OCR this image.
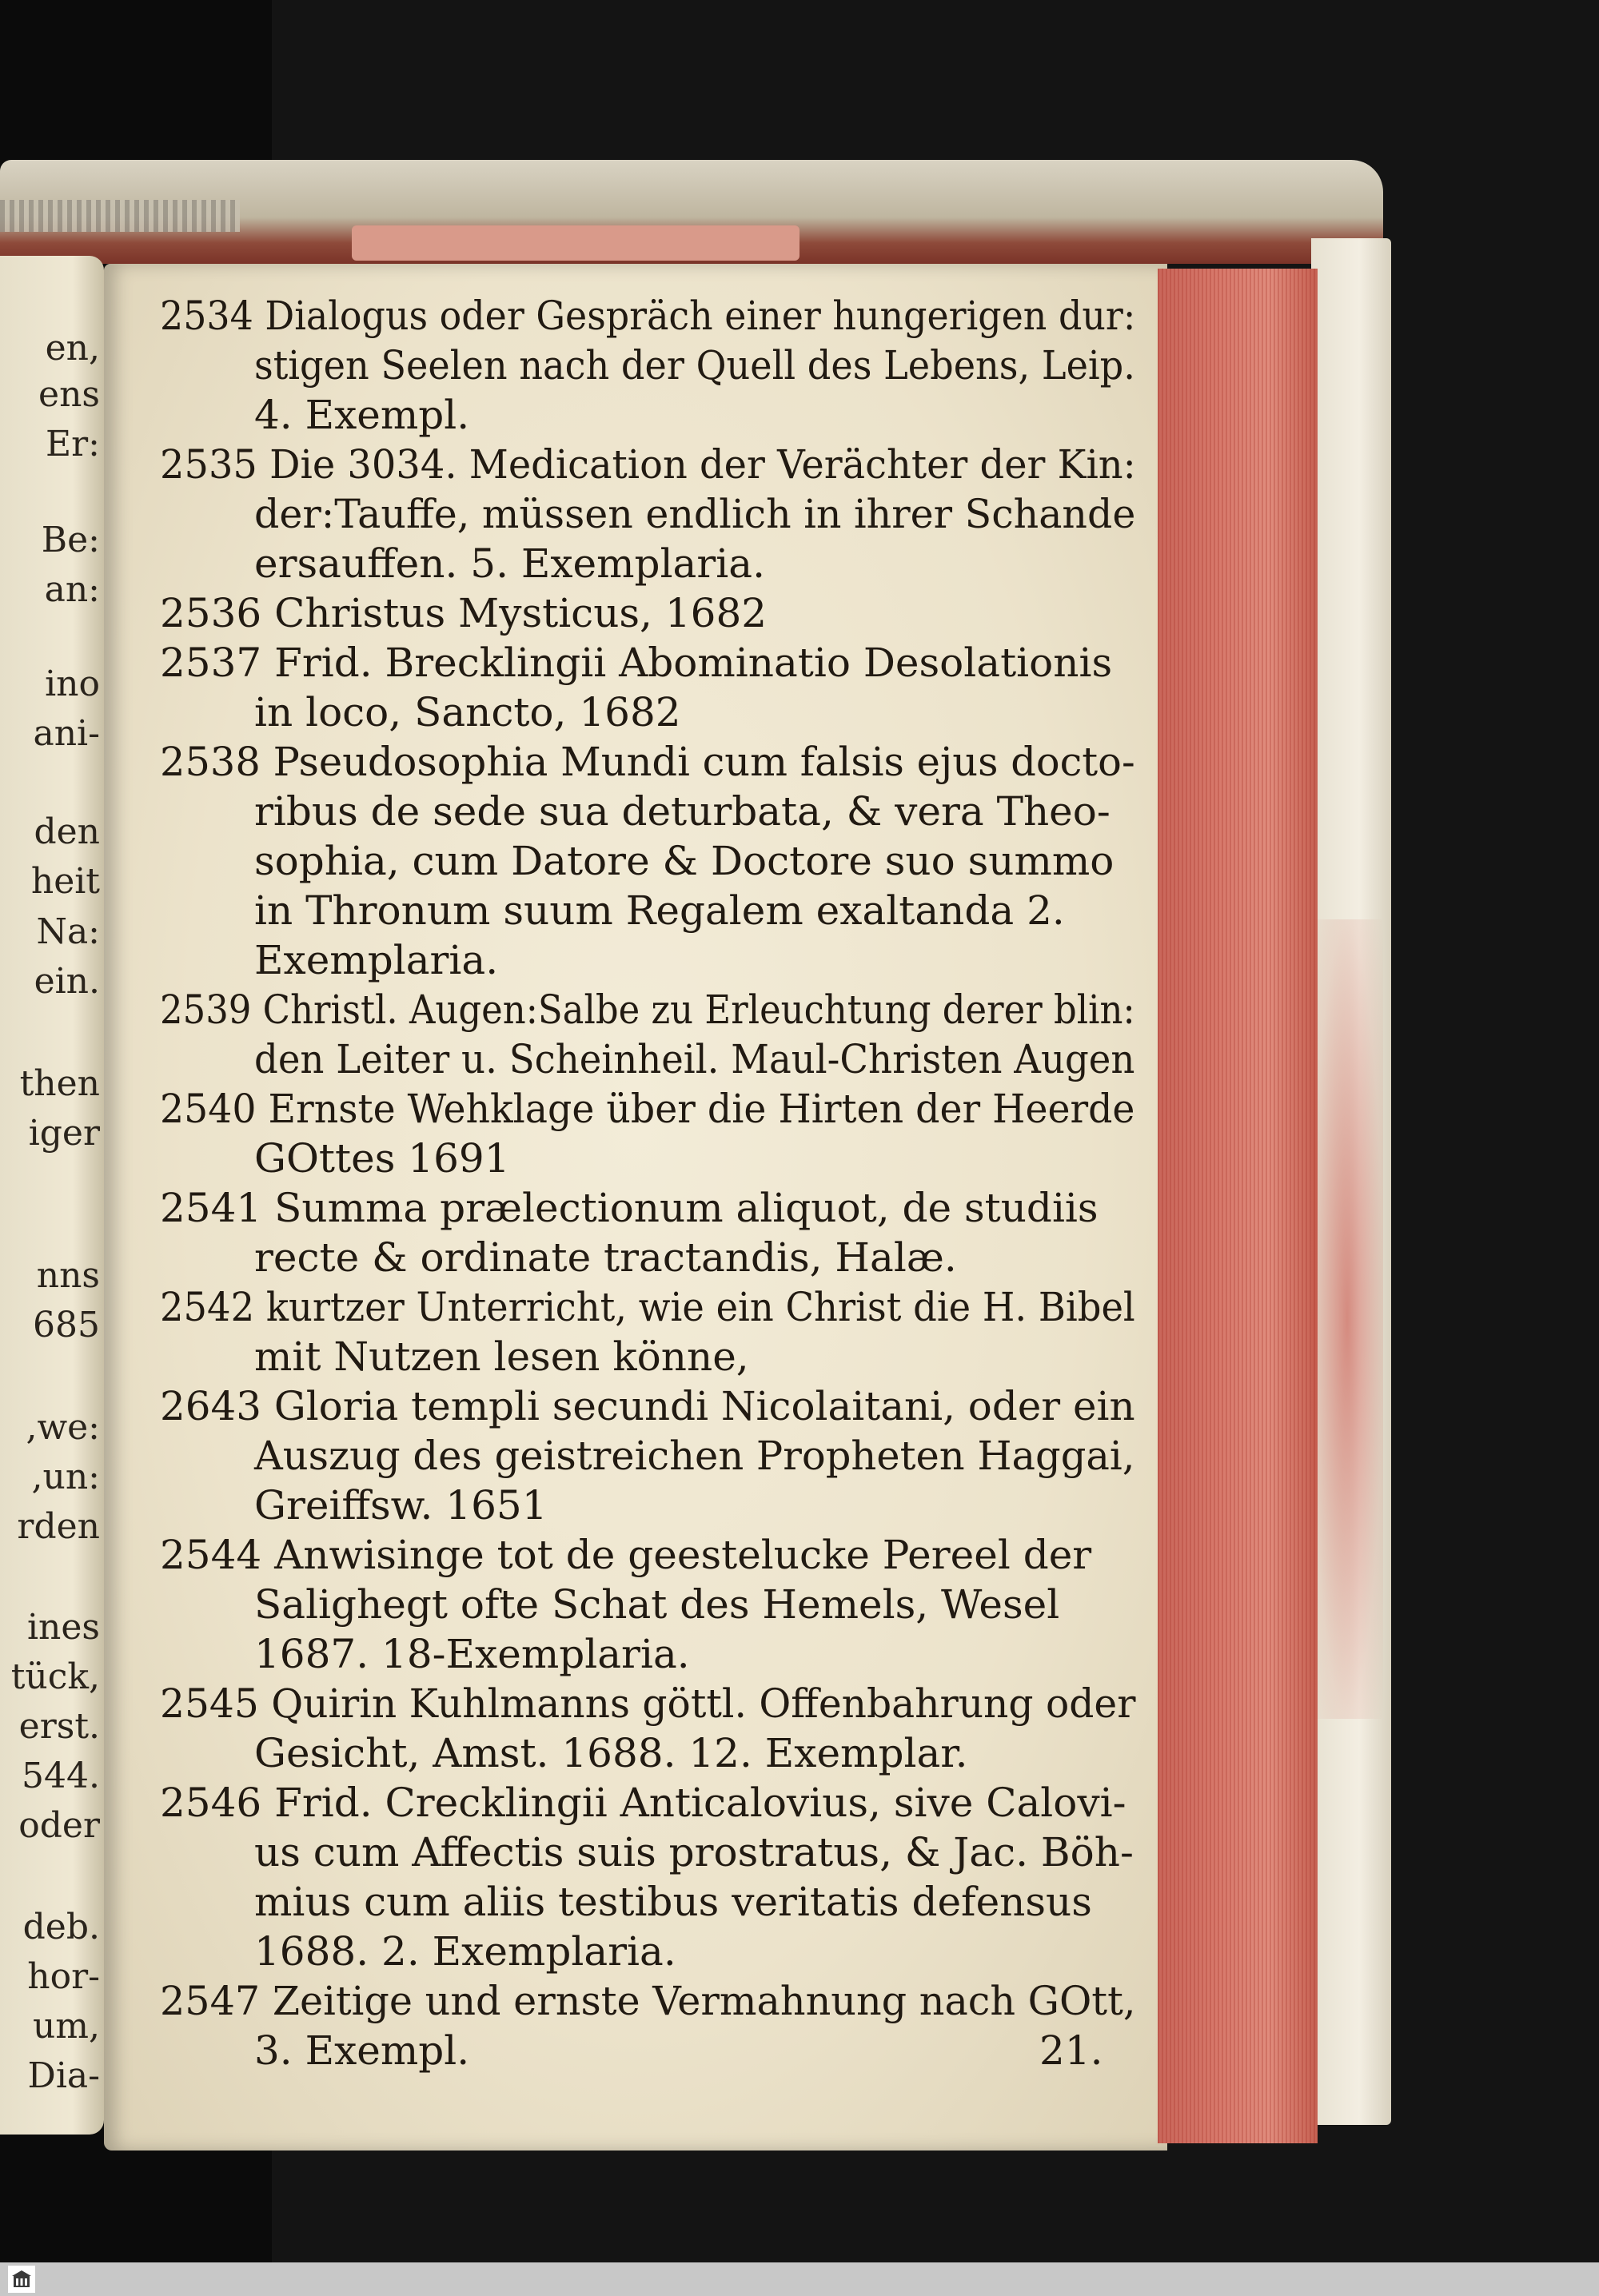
en,
ens
Er:
Be:
an:
ino
ani-
den
heit
Na:
ein.
then
iger
nns
685
,we:
,un:
rden
ines
tück,
erst.
544.
oder
deb.
hor-
um,
Dia-
2534 Dialogus oder Gespräch einer hungerigen dur:
stigen Seelen nach der Quell des Lebens, Leip.
4. Exempl.
2535 Die 3034. Medication der Verächter der Kin:
der:Tauffe, müssen endlich in ihrer Schande
ersauffen. 5. Exemplaria.
2536 Christus Mysticus, 1682
2537 Frid. Brecklingii Abominatio Desolationis
in loco, Sancto, 1682
2538 Pseudosophia Mundi cum falsis ejus docto-
ribus de sede sua deturbata, & vera Theo-
sophia, cum Datore & Doctore suo summo
in Thronum suum Regalem exaltanda 2.
Exemplaria.
2539 Christl. Augen:Salbe zu Erleuchtung derer blin:
den Leiter u. Scheinheil. Maul-Christen Augen
2540 Ernste Wehklage über die Hirten der Heerde
GOttes 1691
2541 Summa prælectionum aliquot, de studiis
recte & ordinate tractandis, Halæ.
2542 kurtzer Unterricht, wie ein Christ die H. Bibel
mit Nutzen lesen könne,
2643 Gloria templi secundi Nicolaitani, oder ein
Auszug des geistreichen Propheten Haggai,
Greiffsw. 1651
2544 Anwisinge tot de geestelucke Pereel der
Salighegt ofte Schat des Hemels, Wesel
1687. 18-Exemplaria.
2545 Quirin Kuhlmanns göttl. Offenbahrung oder
Gesicht, Amst. 1688. 12. Exemplar.
2546 Frid. Crecklingii Anticalovius, sive Calovi-
us cum Affectis suis prostratus, & Jac. Böh-
mius cum aliis testibus veritatis defensus
1688. 2. Exemplaria.
2547 Zeitige und ernste Vermahnung nach GOtt,
3. Exempl.	21.
